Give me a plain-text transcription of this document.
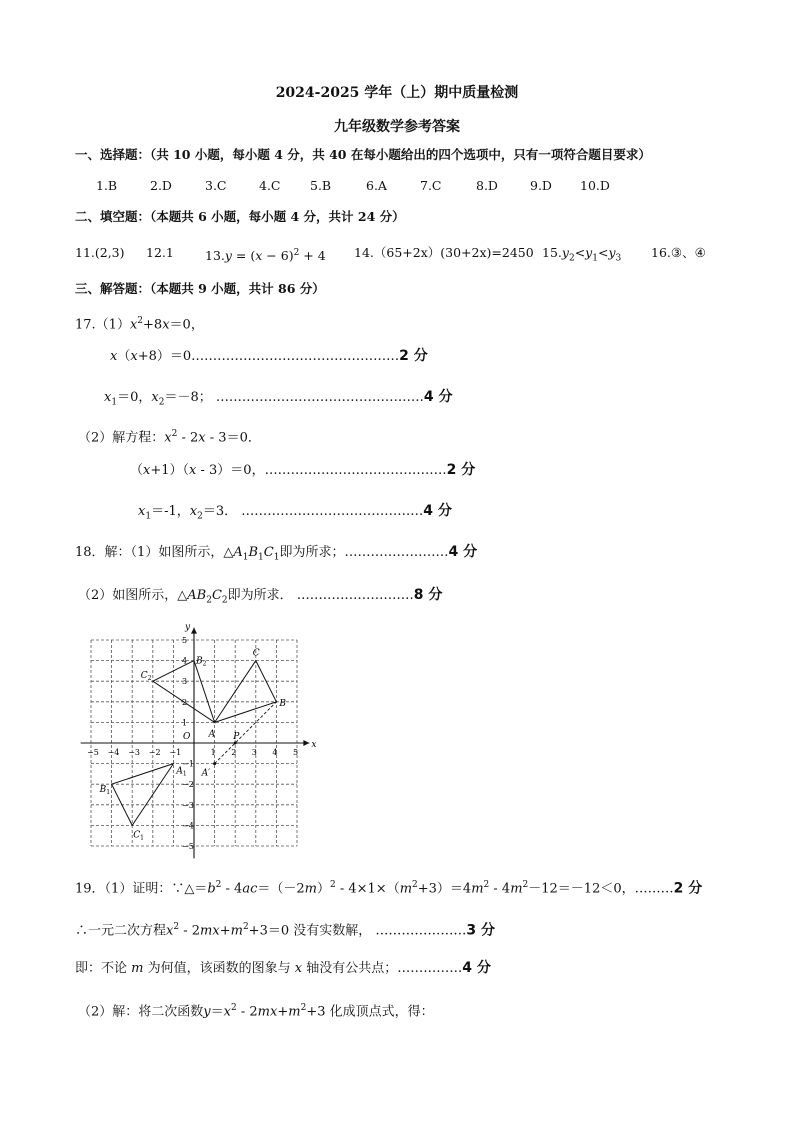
2024-2025 学年（上）期中质量检测
九年级数学参考答案
一、选择题：（共 10 小题，每小题 4 分，共 40 在每小题给出的四个选项中，只有一项符合题目要求）
1.B	2.D	3.C	4.C 5.B	6.A	7.C	8.D	9.D 10.D
二、填空题：（本题共 6 小题，每小题 4 分，共计 24 分）
11.(2,3) 12.1 $13.y = (x - 6)^2 + 4$ 14.（65+2x）(30+2x)=2450 $15.y_2<y_1<y_3$ 16.③、④
三、解答题：（本题共 9 小题，共计 86 分）
$17.(1)x^2+8x=0$，
x（x+8）＝0…………………………………………2 分
$x_1=0$，$x_2=-8$； …………………………………………4 分
（2）解方程：$x^2 - 2x - 3=0$．
（x+1）（x - 3）＝0，……………………………………2 分
$x_1=-1$，$x_2=3$． ……………………………………4 分
18．解：（1）如图所示，$\triangle A_1B_1C_1$即为所求；……………………4 分
（2）如图所示，$\triangle AB_2C_2$即为所求． ………………………8 分
x
y
O
−5 −4 −3 −2 −1	1 2 3 4 5
5
4
3
2
1
−1
−2
−3
−4
−5
A
B
C
$B_2$
$C_2$
$A_1$
$B_1$
$C_1$
A′
P
19．（1）证明：$\because\triangle=b^2 - 4ac=(-2m)^2 - 4\times 1\times(m^2+3)=4m^2 - 4m^2-12=-12<0$，………2 分
∴一元二次方程$x^2 - 2mx+m^2+3=0$ 没有实数解， …………………3 分
即：不论 m 为何值，该函数的图象与 x 轴没有公共点；……………4 分
（2）解：将二次函数$y=x^2 - 2mx+m^2+3$ 化成顶点式，得：
